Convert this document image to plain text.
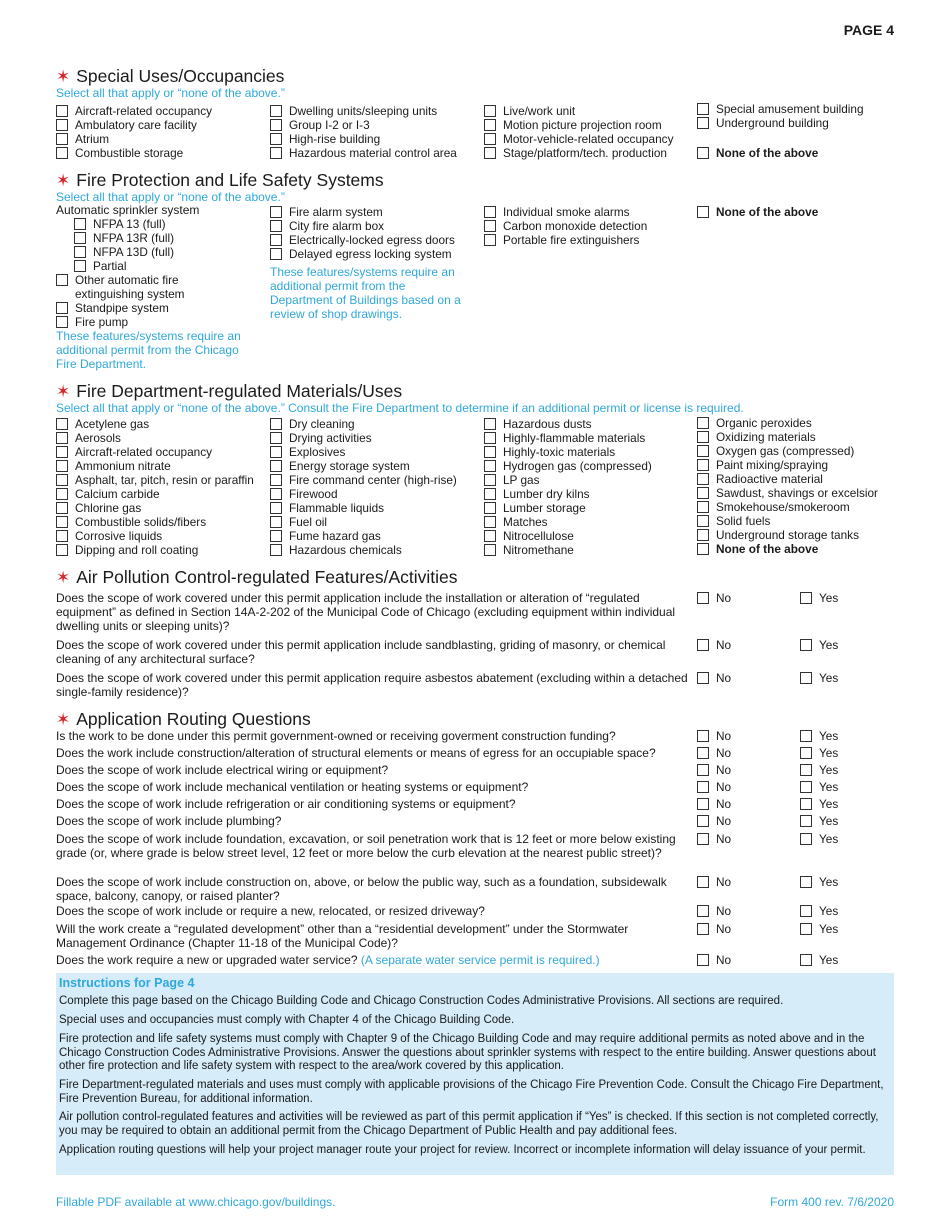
PAGE 4
✶ Special Uses/Occupancies
Select all that apply or “none of the above.”
Aircraft-related occupancy
Ambulatory care facility
Atrium
Combustible storage
Dwelling units/sleeping units
Group I-2 or I-3
High-rise building
Hazardous material control area
Live/work unit
Motion picture projection room
Motor-vehicle-related occupancy
Stage/platform/tech. production
Special amusement building
Underground building
None of the above
✶ Fire Protection and Life Safety Systems
Select all that apply or “none of the above.”
Automatic sprinkler system
NFPA 13 (full)
NFPA 13R (full)
NFPA 13D (full)
Partial
Fire alarm system
City fire alarm box
Electrically-locked egress doors
Delayed egress locking system
Individual smoke alarms
Carbon monoxide detection
Portable fire extinguishers
None of the above
Other automatic fire
extinguishing system
Standpipe system
Fire pump
These features/systems require an additional permit from the Chicago Fire Department.
These features/systems require an additional permit from the Department of Buildings based on a review of shop drawings.
✶ Fire Department-regulated Materials/Uses
Select all that apply or “none of the above.” Consult the Fire Department to determine if an additional permit or license is required.
Acetylene gas
Aerosols
Aircraft-related occupancy
Ammonium nitrate
Asphalt, tar, pitch, resin or paraffin
Calcium carbide
Chlorine gas
Combustible solids/fibers
Corrosive liquids
Dipping and roll coating
Dry cleaning
Drying activities
Explosives
Energy storage system
Fire command center (high-rise)
Firewood
Flammable liquids
Fuel oil
Fume hazard gas
Hazardous chemicals
Hazardous dusts
Highly-flammable materials
Highly-toxic materials
Hydrogen gas (compressed)
LP gas
Lumber dry kilns
Lumber storage
Matches
Nitrocellulose
Nitromethane
Organic peroxides
Oxidizing materials
Oxygen gas (compressed)
Paint mixing/spraying
Radioactive material
Sawdust, shavings or excelsior
Smokehouse/smokeroom
Solid fuels
Underground storage tanks
None of the above
✶ Air Pollution Control-regulated Features/Activities
Does the scope of work covered under this permit application include the installation or alteration of “regulated equipment” as defined in Section 14A-2-202 of the Municipal Code of Chicago (excluding equipment within individual dwelling units or sleeping units)?
No	Yes
Does the scope of work covered under this permit application include sandblasting, griding of masonry, or chemical cleaning of any architectural surface?
No	Yes
Does the scope of work covered under this permit application require asbestos abatement (excluding within a detached single-family residence)?
No	Yes
✶ Application Routing Questions
Is the work to be done under this permit government-owned or receiving goverment construction funding?	No	Yes
Does the work include construction/alteration of structural elements or means of egress for an occupiable space?	No	Yes
Does the scope of work include electrical wiring or equipment?	No	Yes
Does the scope of work include mechanical ventilation or heating systems or equipment?	No	Yes
Does the scope of work include refrigeration or air conditioning systems or equipment?	No	Yes
Does the scope of work include plumbing?	No	Yes
Does the scope of work include foundation, excavation, or soil penetration work that is 12 feet or more below existing grade (or, where grade is below street level, 12 feet or more below the curb elevation at the nearest public street)?
No	Yes
Does the scope of work include construction on, above, or below the public way, such as a foundation, subsidewalk space, balcony, canopy, or raised planter?
No	Yes
Does the scope of work include or require a new, relocated, or resized driveway?	No	Yes
Will the work create a “regulated development” other than a “residential development” under the Stormwater Management Ordinance (Chapter 11-18 of the Municipal Code)?
No	Yes
Does the work require a new or upgraded water service? (A separate water service permit is required.)	No	Yes
Instructions for Page 4
Complete this page based on the Chicago Building Code and Chicago Construction Codes Administrative Provisions. All sections are required.
Special uses and occupancies must comply with Chapter 4 of the Chicago Building Code.
Fire protection and life safety systems must comply with Chapter 9 of the Chicago Building Code and may require additional permits as noted above and in the Chicago Construction Codes Administrative Provisions. Answer the questions about sprinkler systems with respect to the entire building. Answer questions about other fire protection and life safety system with respect to the area/work covered by this application.
Fire Department-regulated materials and uses must comply with applicable provisions of the Chicago Fire Prevention Code. Consult the Chicago Fire Department, Fire Prevention Bureau, for additional information.
Air pollution control-regulated features and activities will be reviewed as part of this permit application if “Yes” is checked. If this section is not completed correctly, you may be required to obtain an additional permit from the Chicago Department of Public Health and pay additional fees.
Application routing questions will help your project manager route your project for review. Incorrect or incomplete information will delay issuance of your permit.
Fillable PDF available at www.chicago.gov/buildings.	Form 400 rev. 7/6/2020
